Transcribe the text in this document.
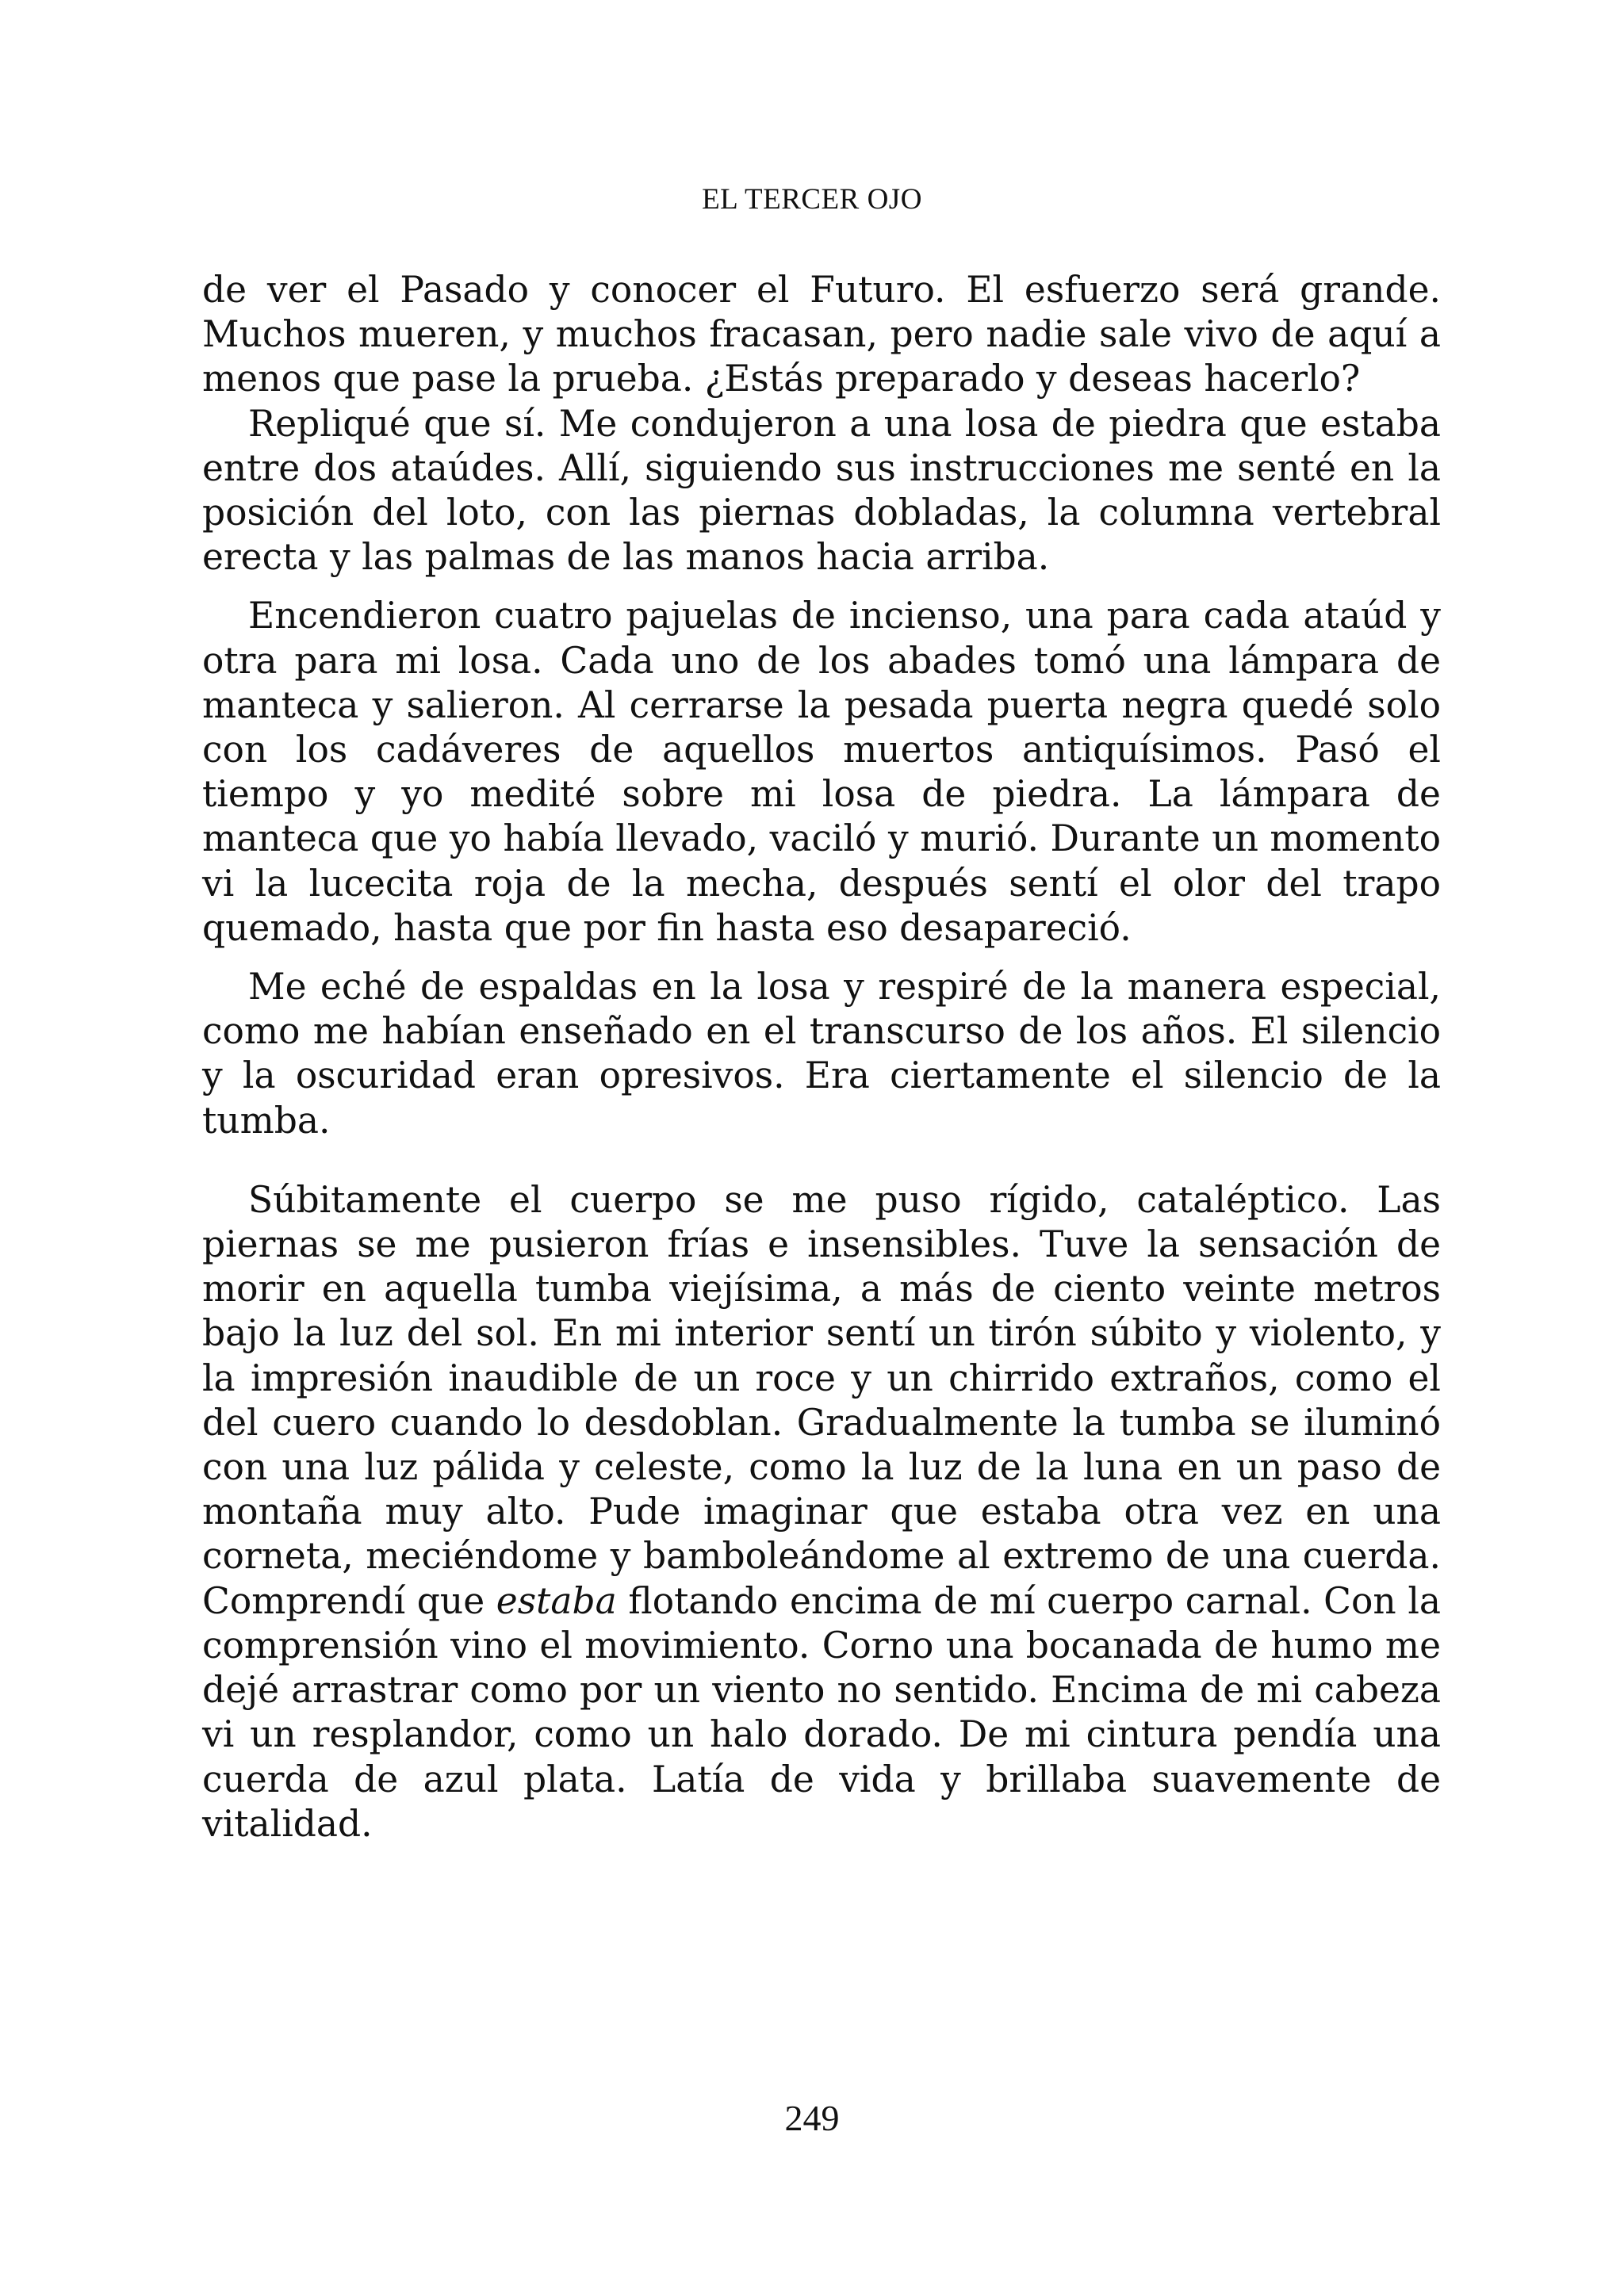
EL TERCER OJO

de ver el Pasado y conocer el Futuro. El esfuerzo será grande. Muchos mueren, y muchos fracasan, pero nadie sale vivo de aquí a menos que pase la prueba. ¿Estás preparado y deseas hacerlo?

Repliqué que sí. Me condujeron a una losa de piedra que estaba entre dos ataúdes. Allí, siguiendo sus instrucciones me senté en la posición del loto, con las piernas dobladas, la columna vertebral erecta y las palmas de las manos hacia arriba.

Encendieron cuatro pajuelas de incienso, una para cada ataúd y otra para mi losa. Cada uno de los abades tomó una lámpara de manteca y salieron. Al cerrarse la pesada puerta negra quedé solo con los cadáveres de aquellos muertos antiquísimos. Pasó el tiempo y yo medité sobre mi losa de piedra. La lámpara de manteca que yo había llevado, vaciló y murió. Durante un momento vi la lucecita roja de la mecha, después sentí el olor del trapo quemado, hasta que por fin hasta eso desapareció.

Me eché de espaldas en la losa y respiré de la manera especial, como me habían enseñado en el transcurso de los años. El silencio y la oscuridad eran opresivos. Era ciertamente el silencio de la tumba.

Súbitamente el cuerpo se me puso rígido, cataléptico. Las piernas se me pusieron frías e insensibles. Tuve la sensación de morir en aquella tumba viejísima, a más de ciento veinte metros bajo la luz del sol. En mi interior sentí un tirón súbito y violento, y la impresión inaudible de un roce y un chirrido extraños, como el del cuero cuando lo desdoblan. Gradualmente la tumba se iluminó con una luz pálida y celeste, como la luz de la luna en un paso de montaña muy alto. Pude imaginar que estaba otra vez en una corneta, meciéndome y bamboleándome al extremo de una cuerda. Comprendí que estaba flotando encima de mí cuerpo carnal. Con la comprensión vino el movimiento. Corno una bocanada de humo me dejé arrastrar como por un viento no sentido. Encima de mi cabeza vi un resplandor, como un halo dorado. De mi cintura pendía una cuerda de azul plata. Latía de vida y brillaba suavemente de vitalidad.

249
